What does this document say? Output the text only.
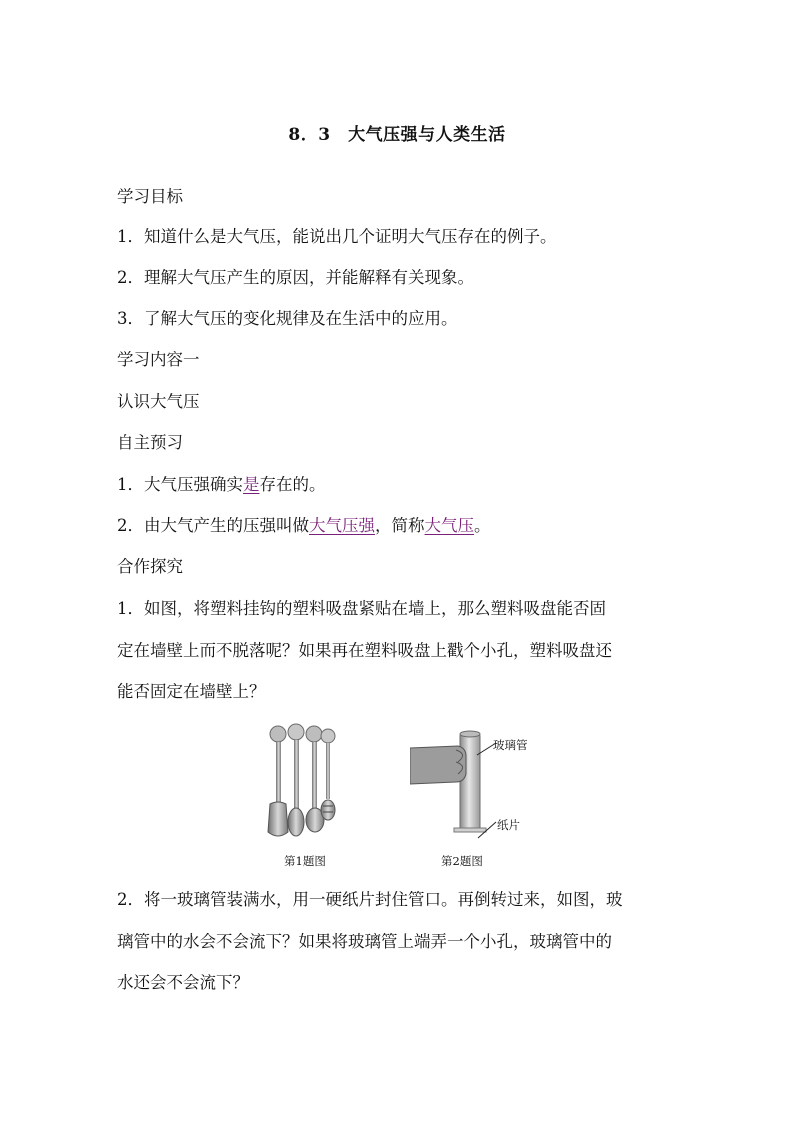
8．3　大气压强与人类生活
学习目标
1．知道什么是大气压，能说出几个证明大气压存在的例子。
2．理解大气压产生的原因，并能解释有关现象。
3．了解大气压的变化规律及在生活中的应用。
学习内容一
认识大气压
自主预习
1．大气压强确实是存在的。
2．由大气产生的压强叫做大气压强，简称大气压。
合作探究
1．如图，将塑料挂钩的塑料吸盘紧贴在墙上，那么塑料吸盘能否固
定在墙壁上而不脱落呢？如果再在塑料吸盘上戳个小孔，塑料吸盘还
能否固定在墙壁上？
玻璃管
纸片
第1题图	第2题图
2．将一玻璃管装满水，用一硬纸片封住管口。再倒转过来，如图，玻
璃管中的水会不会流下？如果将玻璃管上端弄一个小孔，玻璃管中的
水还会不会流下？
